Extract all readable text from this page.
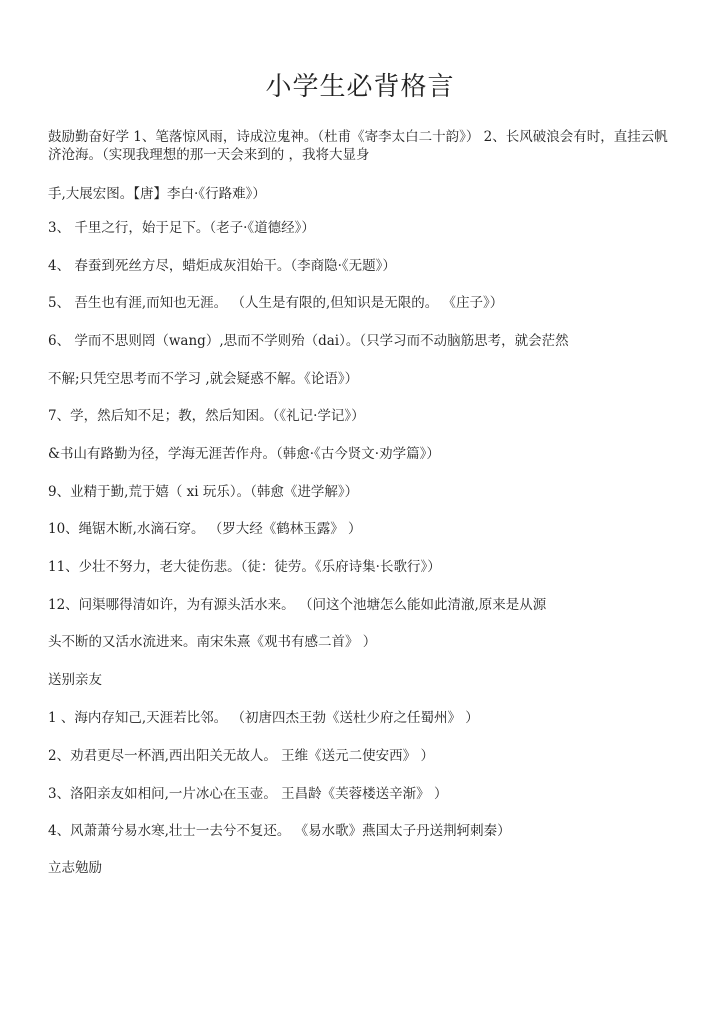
小学生必背格言
鼓励勤奋好学 1、笔落惊风雨，诗成泣鬼神。（杜甫《寄李太白二十韵》） 2、长风破浪会有时，直挂云帆济沧海。（实现我理想的那一天会来到的 ，我将大显身
手,大展宏图。【唐】李白·《行路难》）
3、 千里之行，始于足下。（老子·《道德经》）
4、 春蚕到死丝方尽，蜡炬成灰泪始干。（李商隐·《无题》）
5、 吾生也有涯,而知也无涯。 （人生是有限的,但知识是无限的。 《庄子》）
6、 学而不思则罔（wang）,思而不学则殆（dai）。（只学习而不动脑筋思考，就会茫然
不解;只凭空思考而不学习 ,就会疑惑不解。《论语》）
7、学，然后知不足；教，然后知困。（《礼记·学记》）
&书山有路勤为径，学海无涯苦作舟。（韩愈·《古今贤文·劝学篇》）
9、业精于勤,荒于嬉（ xi 玩乐）。（韩愈《进学解》）
10、绳锯木断,水滴石穿。 （罗大经《鹤林玉露》 ）
11、少壮不努力，老大徒伤悲。（徒：徒劳。《乐府诗集·长歌行》）
12、问渠哪得清如许，为有源头活水来。 （问这个池塘怎么能如此清澈,原来是从源
头不断的又活水流进来。南宋朱熹《观书有感二首》 ）
送别亲友
1 、海内存知己,天涯若比邻。 （初唐四杰王勃《送杜少府之任蜀州》 ）
2、劝君更尽一杯酒,西出阳关无故人。 王维《送元二使安西》 ）
3、洛阳亲友如相问,一片冰心在玉壶。 王昌龄《芙蓉楼送辛渐》 ）
4、风萧萧兮易水寒,壮士一去兮不复还。 《易水歌》燕国太子丹送荆轲刺秦）
立志勉励
